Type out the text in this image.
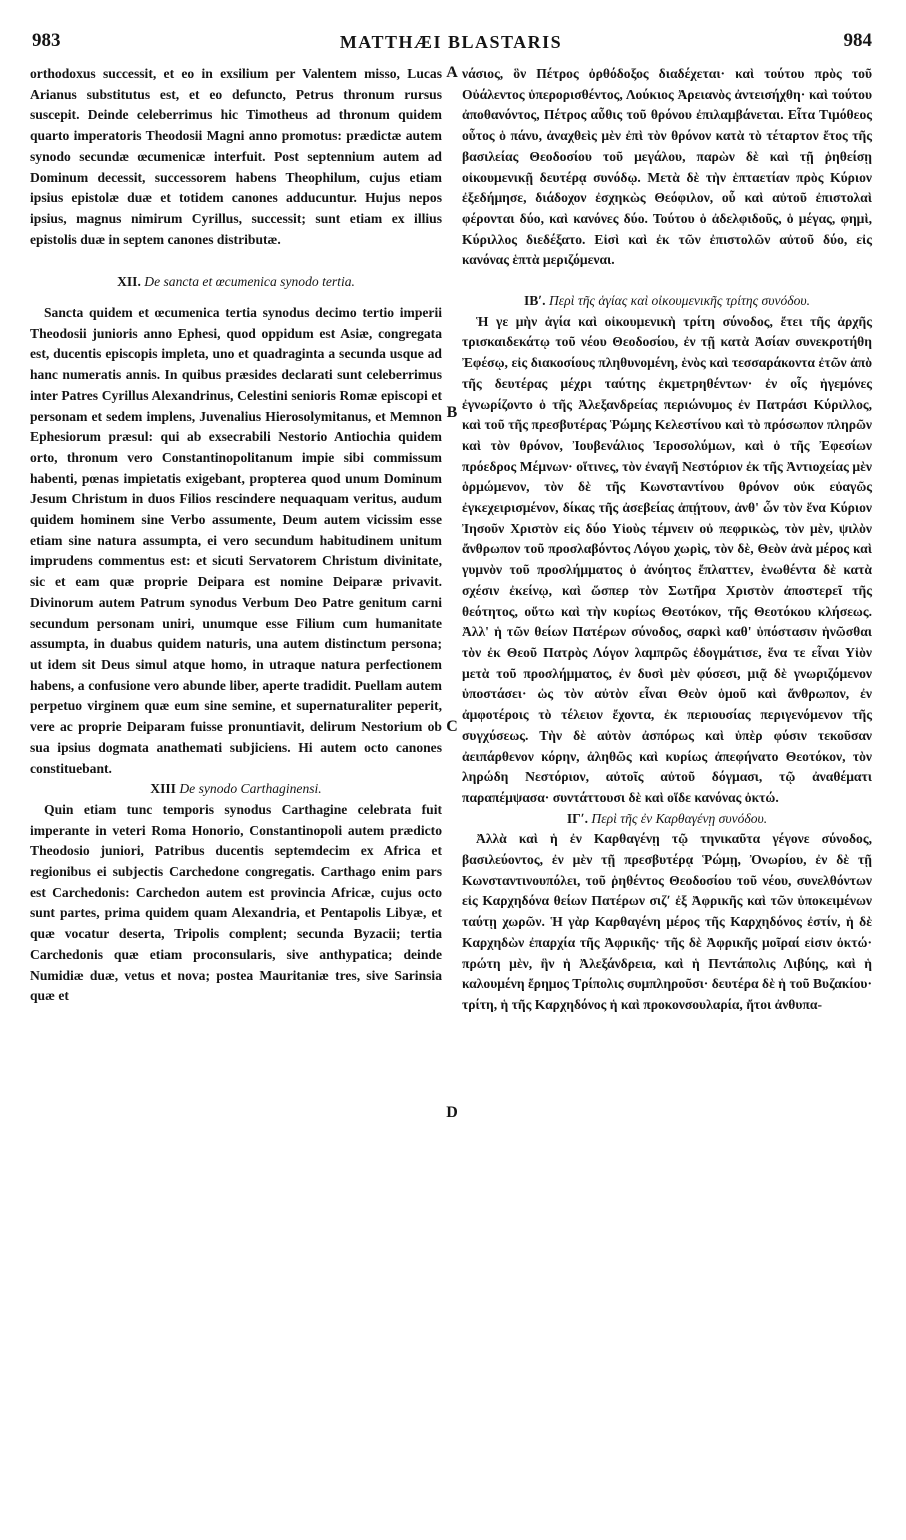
983	MATTHÆI BLASTARIS	984
A
B
C
D

orthodoxus successit, et eo in exsilium per Valentem misso, Lucas Arianus substitutus est, et eo defuncto, Petrus thronum rursus suscepit. Deinde celeberrimus hic Timotheus ad thronum quidem quarto imperatoris Theodosii Magni anno promotus: prædictæ autem synodo secundæ œcumenicæ interfuit. Post septennium autem ad Dominum decessit, successorem habens Theophilum, cujus etiam ipsius epistolæ duæ et totidem canones adducuntur. Hujus nepos ipsius, magnus nimirum Cyrillus, successit; sunt etiam ex illius epistolis duæ in septem canones distributæ.

XII. De sancta et œcumenica synodo tertia.

Sancta quidem et œcumenica tertia synodus decimo tertio imperii Theodosii junioris anno Ephesi, quod oppidum est Asiæ, congregata est, ducentis episcopis impleta, uno et quadraginta a secunda usque ad hanc numeratis annis. In quibus præsides declarati sunt celeberrimus inter Patres Cyrillus Alexandrinus, Celestini senioris Romæ episcopi et personam et sedem implens, Juvenalius Hierosolymitanus, et Memnon Ephesiorum præsul: qui ab exsecrabili Nestorio Antiochia quidem orto, thronum vero Constantinopolitanum impie sibi commissum habenti, pœnas impietatis exigebant, propterea quod unum Dominum Jesum Christum in duos Filios rescindere nequaquam veritus, audum quidem hominem sine Verbo assumente, Deum autem vicissim esse etiam sine natura assumpta, ei vero secundum habitudinem unitum imprudens commentus est: et sicuti Servatorem Christum divinitate, sic et eam quæ proprie Deipara est nomine Deiparæ privavit. Divinorum autem Patrum synodus Verbum Deo Patre genitum carni secundum personam uniri, unumque esse Filium cum humanitate assumpta, in duabus quidem naturis, una autem distinctum persona; ut idem sit Deus simul atque homo, in utraque natura perfectionem habens, a confusione vero abunde liber, aperte tradidit. Puellam autem perpetuo virginem quæ eum sine semine, et supernaturaliter peperit, vere ac proprie Deiparam fuisse pronuntiavit, delirum Nestorium ob sua ipsius dogmata anathemati subjiciens. Hi autem octo canones constituebant.

XIII De synodo Carthaginensi.

Quin etiam tunc temporis synodus Carthagine celebrata fuit imperante in veteri Roma Honorio, Constantinopoli autem prædicto Theodosio juniori, Patribus ducentis septemdecim ex Africa et regionibus ei subjectis Carchedone congregatis. Carthago enim pars est Carchedonis: Carchedon autem est provincia Africæ, cujus octo sunt partes, prima quidem quam Alexandria, et Pentapolis Libyæ, et quæ vocatur deserta, Tripolis complent; secunda Byzacii; tertia Carchedonis quæ etiam proconsularis, sive anthypatica; deinde Numidiæ duæ, vetus et nova; postea Mauritaniæ tres, sive Sarinsia quæ et

νάσιος, ὃν Πέτρος ὀρθόδοξος διαδέχεται· καὶ τούτου πρὸς τοῦ Οὐάλεντος ὑπερορισθέντος, Λούκιος Ἀρειανὸς ἀντεισήχθη· καὶ τούτου ἀποθανόντος, Πέτρος αὖθις τοῦ θρόνου ἐπιλαμβάνεται. Εἶτα Τιμόθεος οὗτος ὁ πάνυ, ἀναχθεὶς μὲν ἐπὶ τὸν θρόνον κατὰ τὸ τέταρτον ἔτος τῆς βασιλείας Θεοδοσίου τοῦ μεγάλου, παρὼν δὲ καὶ τῇ ῥηθείσῃ οἰκουμενικῇ δευτέρᾳ συνόδῳ. Μετὰ δὲ τὴν ἑπταετίαν πρὸς Κύριον ἐξεδήμησε, διάδοχον ἐσχηκὼς Θεόφιλον, οὗ καὶ αὐτοῦ ἐπιστολαὶ φέρονται δύο, καὶ κανόνες δύο. Τούτου ὁ ἀδελφιδοῦς, ὁ μέγας, φημὶ, Κύριλλος διεδέξατο. Εἰσὶ καὶ ἐκ τῶν ἐπιστολῶν αὐτοῦ δύο, εἰς κανόνας ἑπτὰ μεριζόμεναι.

ΙΒʹ. Περὶ τῆς ἁγίας καὶ οἰκουμενικῆς τρίτης συνόδου.

Ἡ γε μὴν ἁγία καὶ οἰκουμενικὴ τρίτη σύνοδος, ἔτει τῆς ἀρχῆς τρισκαιδεκάτῳ τοῦ νέου Θεοδοσίου, ἐν τῇ κατὰ Ἀσίαν συνεκροτήθη Ἐφέσῳ, εἰς διακοσίους πληθυνομένη, ἑνὸς καὶ τεσσαράκοντα ἐτῶν ἀπὸ τῆς δευτέρας μέχρι ταύτης ἐκμετρηθέντων· ἐν οἷς ἡγεμόνες ἐγνωρίζοντο ὁ τῆς Ἀλεξανδρείας περιώνυμος ἐν Πατράσι Κύριλλος, καὶ τοῦ τῆς πρεσβυτέρας Ῥώμης Κελεστίνου καὶ τὸ πρόσωπον πληρῶν καὶ τὸν θρόνον, Ἰουβενάλιος Ἱεροσολύμων, καὶ ὁ τῆς Ἐφεσίων πρόεδρος Μέμνων· οἵτινες, τὸν ἐναγῆ Νεστόριον ἐκ τῆς Ἀντιοχείας μὲν ὁρμώμενον, τὸν δὲ τῆς Κωνσταντίνου θρόνον οὐκ εὐαγῶς ἐγκεχειρισμένον, δίκας τῆς ἀσεβείας ἀπῄτουν, ἀνθ' ὧν τὸν ἕνα Κύριον Ἰησοῦν Χριστὸν εἰς δύο Υἱοὺς τέμνειν οὐ πεφρικὼς, τὸν μὲν, ψιλὸν ἄνθρωπον τοῦ προσλαβόντος Λόγου χωρὶς, τὸν δὲ, Θεὸν ἀνὰ μέρος καὶ γυμνὸν τοῦ προσλήμματος ὁ ἀνόητος ἔπλαττεν, ἑνωθέντα δὲ κατὰ σχέσιν ἐκείνῳ, καὶ ὥσπερ τὸν Σωτῆρα Χριστὸν ἀποστερεῖ τῆς θεότητος, οὕτω καὶ τὴν κυρίως Θεοτόκον, τῆς Θεοτόκου κλήσεως. Ἀλλ' ἡ τῶν θείων Πατέρων σύνοδος, σαρκὶ καθ' ὑπόστασιν ἡνῶσθαι τὸν ἐκ Θεοῦ Πατρὸς Λόγον λαμπρῶς ἐδογμάτισε, ἕνα τε εἶναι Υἱὸν μετὰ τοῦ προσλήμματος, ἐν δυσὶ μὲν φύσεσι, μιᾷ δὲ γνωριζόμενον ὑποστάσει· ὡς τὸν αὐτὸν εἶναι Θεὸν ὁμοῦ καὶ ἄνθρωπον, ἐν ἀμφοτέροις τὸ τέλειον ἔχοντα, ἐκ περιουσίας περιγενόμενον τῆς συγχύσεως. Τὴν δὲ αὐτὸν ἀσπόρως καὶ ὑπὲρ φύσιν τεκοῦσαν ἀειπάρθενον κόρην, ἀληθῶς καὶ κυρίως ἀπεφήνατο Θεοτόκον, τὸν ληρώδη Νεστόριον, αὐτοῖς αὐτοῦ δόγμασι, τῷ ἀναθέματι παραπέμψασα· συντάττουσι δὲ καὶ οἵδε κανόνας ὀκτώ.

ΙΓʹ. Περὶ τῆς ἐν Καρθαγένῃ συνόδου.

Ἀλλὰ καὶ ἡ ἐν Καρθαγένῃ τῷ τηνικαῦτα γέγονε σύνοδος, βασιλεύοντος, ἐν μὲν τῇ πρεσβυτέρᾳ Ῥώμῃ, Ὀνωρίου, ἐν δὲ τῇ Κωνσταντινουπόλει, τοῦ ῥηθέντος Θεοδοσίου τοῦ νέου, συνελθόντων εἰς Καρχηδόνα θείων Πατέρων σιζʹ ἐξ Ἀφρικῆς καὶ τῶν ὑποκειμένων ταύτῃ χωρῶν. Ἡ γὰρ Καρθαγένη μέρος τῆς Καρχηδόνος ἐστίν, ἡ δὲ Καρχηδὼν ἐπαρχία τῆς Ἀφρικῆς· τῆς δὲ Ἀφρικῆς μοῖραί εἰσιν ὀκτώ· πρώτη μὲν, ἣν ἡ Ἀλεξάνδρεια, καὶ ἡ Πεντάπολις Λιβύης, καὶ ἡ καλουμένη ἔρημος Τρίπολις συμπληροῦσι· δευτέρα δὲ ἡ τοῦ Βυζακίου· τρίτη, ἡ τῆς Καρχηδόνος ἡ καὶ προκονσουλαρία, ἤτοι ἀνθυπα-
